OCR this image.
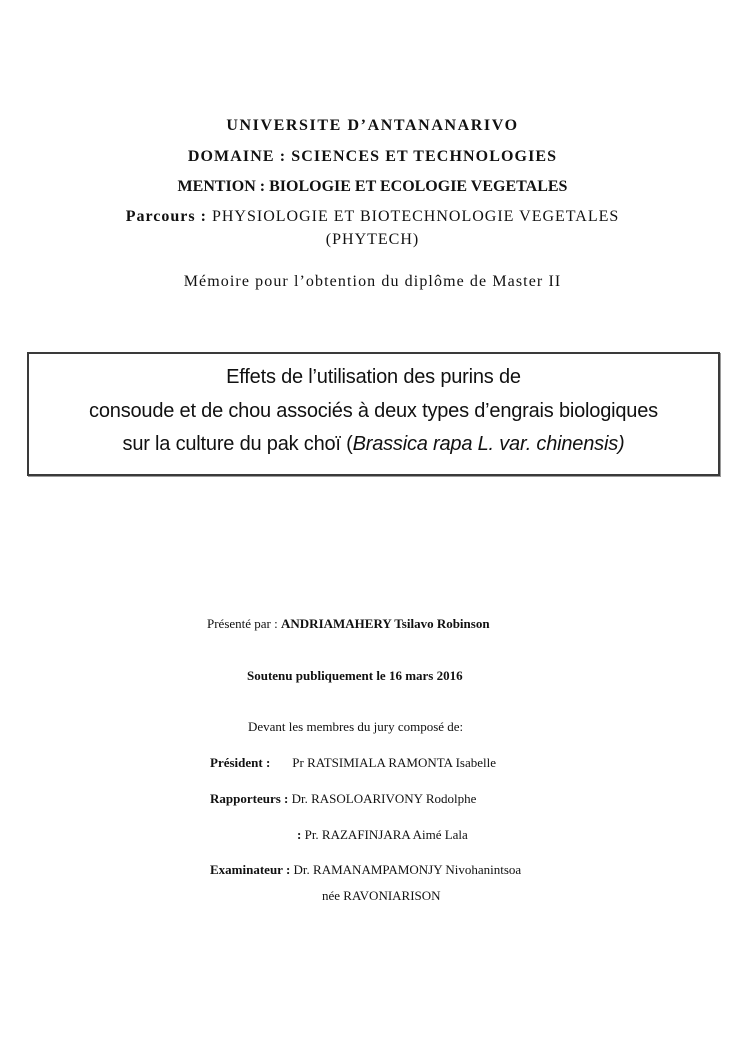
UNIVERSITE D’ANTANANARIVO
DOMAINE : SCIENCES ET TECHNOLOGIES
MENTION : BIOLOGIE ET ECOLOGIE VEGETALES
Parcours : PHYSIOLOGIE ET BIOTECHNOLOGIE VEGETALES
(PHYTECH)
Mémoire pour l’obtention du diplôme de Master II
Effets de l’utilisation des purins de
consoude et de chou associés à deux types d’engrais biologiques
sur la culture du pak choï (Brassica rapa L. var. chinensis)
Présenté par : ANDRIAMAHERY Tsilavo Robinson
Soutenu publiquement le 16 mars 2016
Devant les membres du jury composé de:
Président : Pr RATSIMIALA RAMONTA Isabelle
Rapporteurs : Dr. RASOLOARIVONY Rodolphe
: Pr. RAZAFINJARA Aimé Lala
Examinateur : Dr. RAMANAMPAMONJY Nivohanintsoa
née RAVONIARISON
